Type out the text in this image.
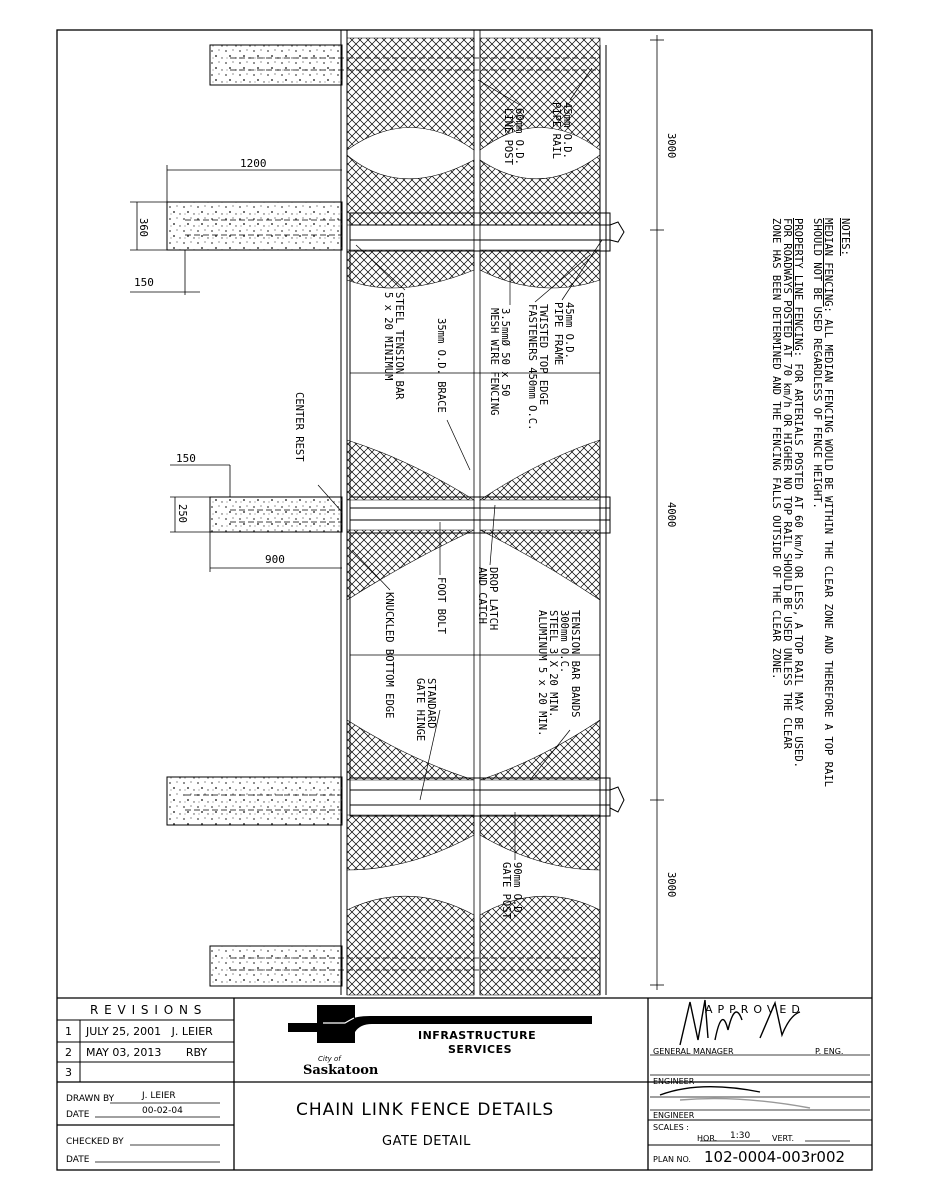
NOTES:
MEDIAN FENCING: ALL MEDIAN FENCING WOULD BE WITHIN THE CLEAR ZONE AND THEREFORE A TOP RAIL
SHOULD NOT BE USED REGARDLESS OF FENCE HEIGHT.
PROPERTY LINE FENCING: FOR ARTERIALS POSTED AT 60 km/h OR LESS, A TOP RAIL MAY BE USED.
FOR ROADWAYS POSTED AT 70 km/h OR HIGHER NO TOP RAIL SHOULD BE USED UNLESS THE CLEAR
ZONE HAS BEEN DETERMINED AND THE FENCING FALLS OUTSIDE OF THE CLEAR ZONE.
45mm O.D.
PIPE RAIL
60mm O.D.
LINE POST
45mm O.D.
PIPE FRAME
TWISTED TOP EDGE
FASTENERS 450mm O.C.
3.5mmØ 50 x 50
MESH WIRE FENCING
35mm O.D. BRACE
STEEL TENSION BAR
5 x 20 MINIMUM
CENTER REST
FOOT BOLT	DROP LATCH
AND CATCH
TENSION BAR BANDS
300mm O.C.
STEEL 3 X 20 MIN.
ALUMINUM 5 x 20 MIN.
KNUCKLED BOTTOM EDGE	STANDARD
GATE HINGE
90mm O.D.
GATE POST
3000
4000
3000
360
250
1200
150
150
900
R E V I S I O N S
1 JULY 25, 2001   J. LEIER
2 MAY 03, 2013       RBY
3
DRAWN BY	J. LEIER
DATE	00-02-04
CHECKED BY
DATE
INFRASTRUCTURE
SERVICES
City of
Saskatoon
CHAIN LINK FENCE DETAILS
GATE DETAIL
APPROVED
GENERAL MANAGER	P. ENG.
ENGINEER
ENGINEER
SCALES :
HOR. 1:30	VERT.
PLAN NO. 102-0004-003r002
